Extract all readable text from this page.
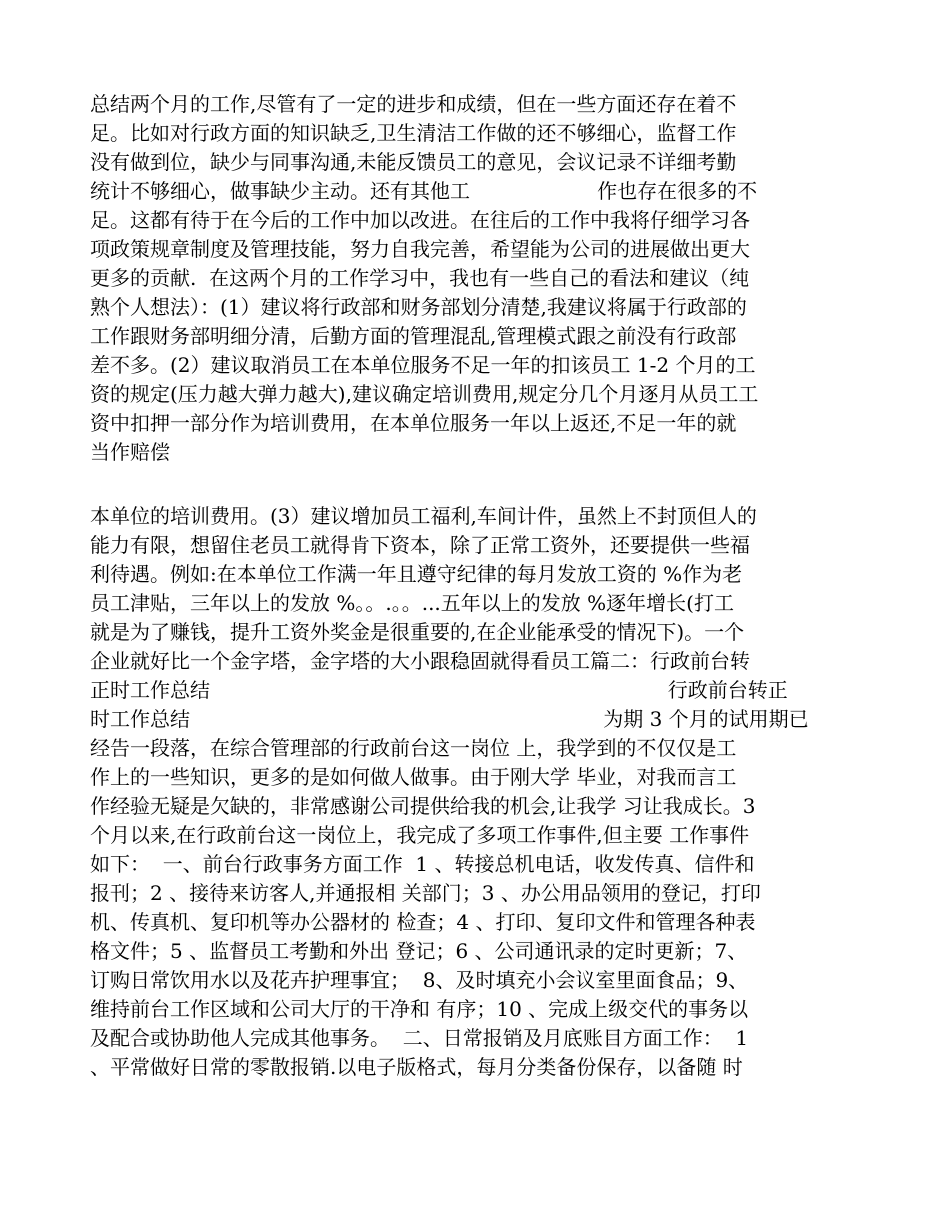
总结两个月的工作,尽管有了一定的进步和成绩，但在一些方面还存在着不
足。比如对行政方面的知识缺乏,卫生清洁工作做的还不够细心，监督工作
没有做到位，缺少与同事沟通,未能反馈员工的意见，会议记录不详细考勤
统计不够细心，做事缺少主动。还有其他工                    作也存在很多的不
足。这都有待于在今后的工作中加以改进。在往后的工作中我将仔细学习各
项政策规章制度及管理技能，努力自我完善，希望能为公司的进展做出更大
更多的贡献.  在这两个月的工作学习中，我也有一些自己的看法和建议（纯
熟个人想法）：(1）建议将行政部和财务部划分清楚,我建议将属于行政部的
工作跟财务部明细分清，后勤方面的管理混乱,管理模式跟之前没有行政部
差不多。(2）建议取消员工在本单位服务不足一年的扣该员工 1-2 个月的工
资的规定(压力越大弹力越大),建议确定培训费用,规定分几个月逐月从员工工
资中扣押一部分作为培训费用，在本单位服务一年以上返还,不足一年的就
当作赔偿
本单位的培训费用。(3）建议增加员工福利,车间计件，虽然上不封顶但人的
能力有限，想留住老员工就得肯下资本，除了正常工资外，还要提供一些福
利待遇。例如:在本单位工作满一年且遵守纪律的每月发放工资的 %作为老
员工津贴，三年以上的发放 %。。.。。...五年以上的发放 %逐年增长(打工
就是为了赚钱，提升工资外奖金是很重要的,在企业能承受的情况下)。一个
企业就好比一个金字塔，金字塔的大小跟稳固就得看员工篇二：行政前台转
正时工作总结                                                                        行政前台转正
时工作总结                                                                 为期 3 个月的试用期已
经告一段落，在综合管理部的行政前台这一岗位 上，我学到的不仅仅是工
作上的一些知识，更多的是如何做人做事。由于刚大学 毕业，对我而言工
作经验无疑是欠缺的，非常感谢公司提供给我的机会,让我学 习让我成长。3
个月以来,在行政前台这一岗位上，我完成了多项工作事件,但主要 工作事件
如下：  一、前台行政事务方面工作  1 、转接总机电话，收发传真、信件和
报刊；2 、接待来访客人,并通报相 关部门；3 、办公用品领用的登记，打印
机、传真机、复印机等办公器材的 检查；4 、打印、复印文件和管理各种表
格文件；5 、监督员工考勤和外出 登记；6 、公司通讯录的定时更新；7、
订购日常饮用水以及花卉护理事宜；  8、及时填充小会议室里面食品；9、
维持前台工作区域和公司大厅的干净和 有序；10 、完成上级交代的事务以
及配合或协助他人完成其他事务。  二、日常报销及月底账目方面工作：  1
、平常做好日常的零散报销.以电子版格式，每月分类备份保存，以备随 时
